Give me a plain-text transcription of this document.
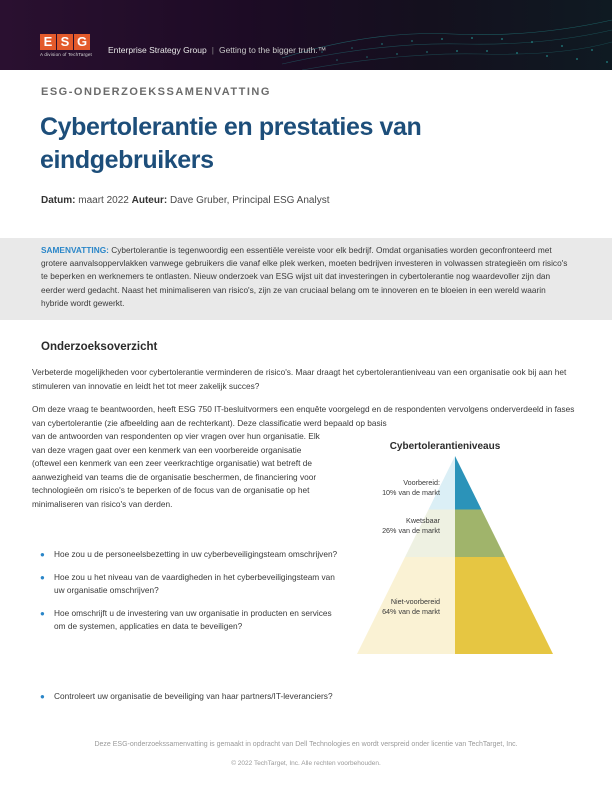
E S G
A division of TechTarget Enterprise Strategy Group | Getting to the bigger truth.™
ESG-ONDERZOEKSSAMENVATTING
Cybertolerantie en prestaties van eindgebruikers
Datum: maart 2022 Auteur: Dave Gruber, Principal ESG Analyst

SAMENVATTING: Cybertolerantie is tegenwoordig een essentiële vereiste voor elk bedrijf. Omdat organisaties worden geconfronteerd met grotere aanvalsoppervlakken vanwege gebruikers die vanaf elke plek werken, moeten bedrijven investeren in volwassen strategieën om risico's te beperken en werknemers te ontlasten. Nieuw onderzoek van ESG wijst uit dat investeringen in cybertolerantie nog waardevoller zijn dan eerder werd gedacht. Naast het minimaliseren van risico's, zijn ze van cruciaal belang om te innoveren en te bloeien in een wereld waarin hybride wordt gewerkt.

Onderzoeksoverzicht

Verbeterde mogelijkheden voor cybertolerantie verminderen de risico's. Maar draagt het cybertolerantieniveau van een organisatie ook bij aan het stimuleren van innovatie en leidt het tot meer zakelijk succes?

Om deze vraag te beantwoorden, heeft ESG 750 IT-besluitvormers een enquête voorgelegd en de respondenten vervolgens onderverdeeld in fases van cybertolerantie (zie afbeelding aan de rechterkant). Deze classificatie werd bepaald op basis

van de antwoorden van respondenten op vier vragen over hun organisatie. Elk van deze vragen gaat over een kenmerk van een voorbereide organisatie (oftewel een kenmerk van een zeer veerkrachtige organisatie) wat betreft de aanwezigheid van teams die de organisatie beschermen, de financiering voor technologieën om risico's te beperken of de focus van de organisatie op het minimaliseren van risico's van derden.

● Hoe zou u de personeelsbezetting in uw cyberbeveiligingsteam omschrijven?
● Hoe zou u het niveau van de vaardigheden in het cyberbeveiligingsteam van uw organisatie omschrijven?
● Hoe omschrijft u de investering van uw organisatie in producten en services om de systemen, applicaties en data te beveiligen?
● Controleert uw organisatie de beveiliging van haar partners/IT-leveranciers?
Cybertolerantieniveaus
Voorbereid:
10% van de markt
Kwetsbaar
26% van de markt
Niet-voorbereid
64% van de markt
Deze ESG-onderzoekssamenvatting is gemaakt in opdracht van Dell Technologies en wordt verspreid onder licentie van TechTarget, Inc.
© 2022 TechTarget, Inc. Alle rechten voorbehouden.
